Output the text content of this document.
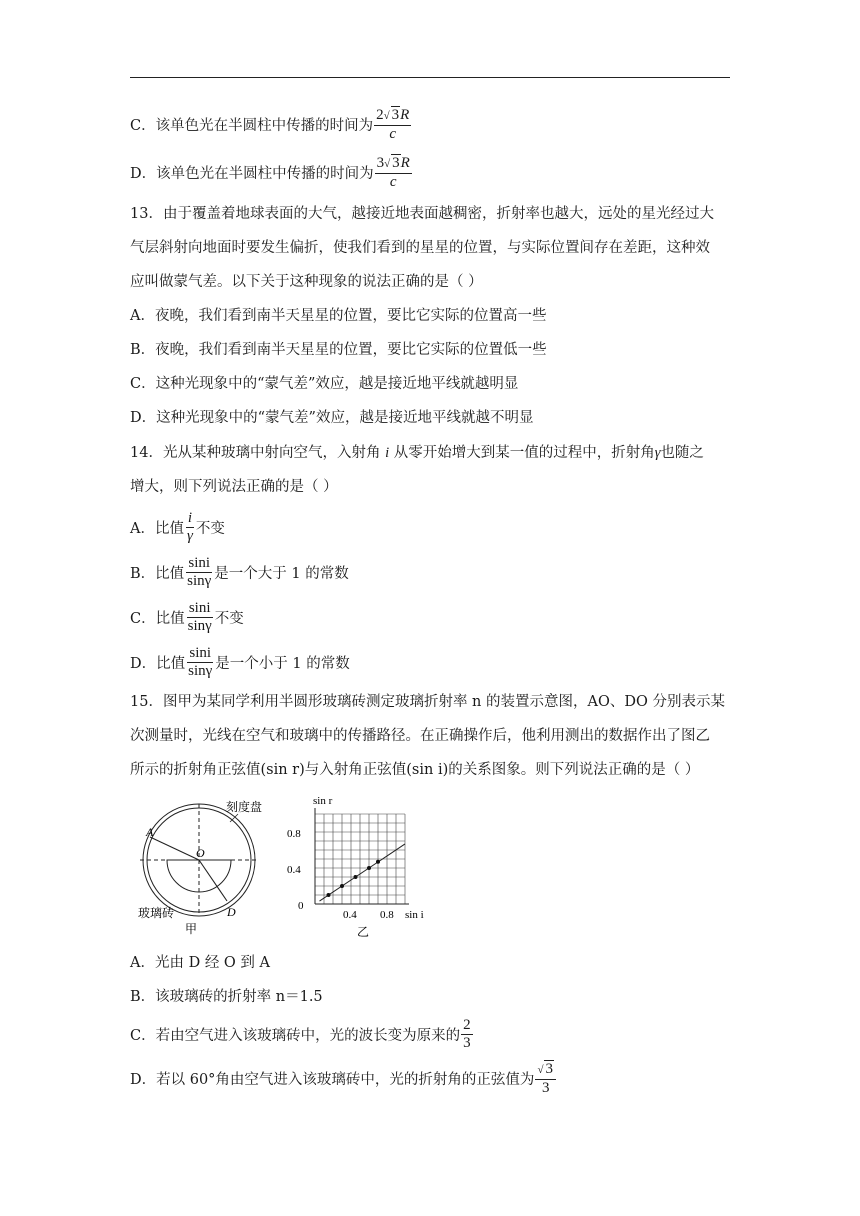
C．该单色光在半圆柱中传播的时间为 $\frac{2√ 3R}{c}$
D．该单色光在半圆柱中传播的时间为 $\frac{3√ 3R}{c}$
13．由于覆盖着地球表面的大气，越接近地表面越稠密，折射率也越大，远处的星光经过大
气层斜射向地面时要发生偏折，使我们看到的星星的位置，与实际位置间存在差距，这种效
应叫做蒙气差。以下关于这种现象的说法正确的是（ ）
A．夜晚，我们看到南半天星星的位置，要比它实际的位置高一些
B．夜晚，我们看到南半天星星的位置，要比它实际的位置低一些
C．这种光现象中的“蒙气差”效应，越是接近地平线就越明显
D．这种光现象中的“蒙气差”效应，越是接近地平线就越不明显
14．光从某种玻璃中射向空气，入射角 i 从零开始增大到某一值的过程中，折射角γ也随之
增大，则下列说法正确的是（ ）
A．比值 $\frac{i}{\gamma}$ 不变
B．比值 $\frac{\sin i}{\sin\gamma}$ 是一个大于 1 的常数
C．比值 $\frac{\sin i}{\sin\gamma}$ 不变
D．比值 $\frac{\sin i}{\sin\gamma}$ 是一个小于 1 的常数
15．图甲为某同学利用半圆形玻璃砖测定玻璃折射率 n 的装置示意图，AO、DO 分别表示某
次测量时，光线在空气和玻璃中的传播路径。在正确操作后，他利用测出的数据作出了图乙
所示的折射角正弦值(sin r)与入射角正弦值(sin i)的关系图象。则下列说法正确的是（ ）
A
O
D
刻度盘
玻璃砖
甲
sin r
sin i
0.8
0.4
0
0.4 0.8
乙
A．光由 D 经 O 到 A
B．该玻璃砖的折射率 n＝1.5
C．若由空气进入该玻璃砖中，光的波长变为原来的 $\frac{2}{3}$
D．若以 60°角由空气进入该玻璃砖中，光的折射角的正弦值为 $\frac{√ 3}{3}$
